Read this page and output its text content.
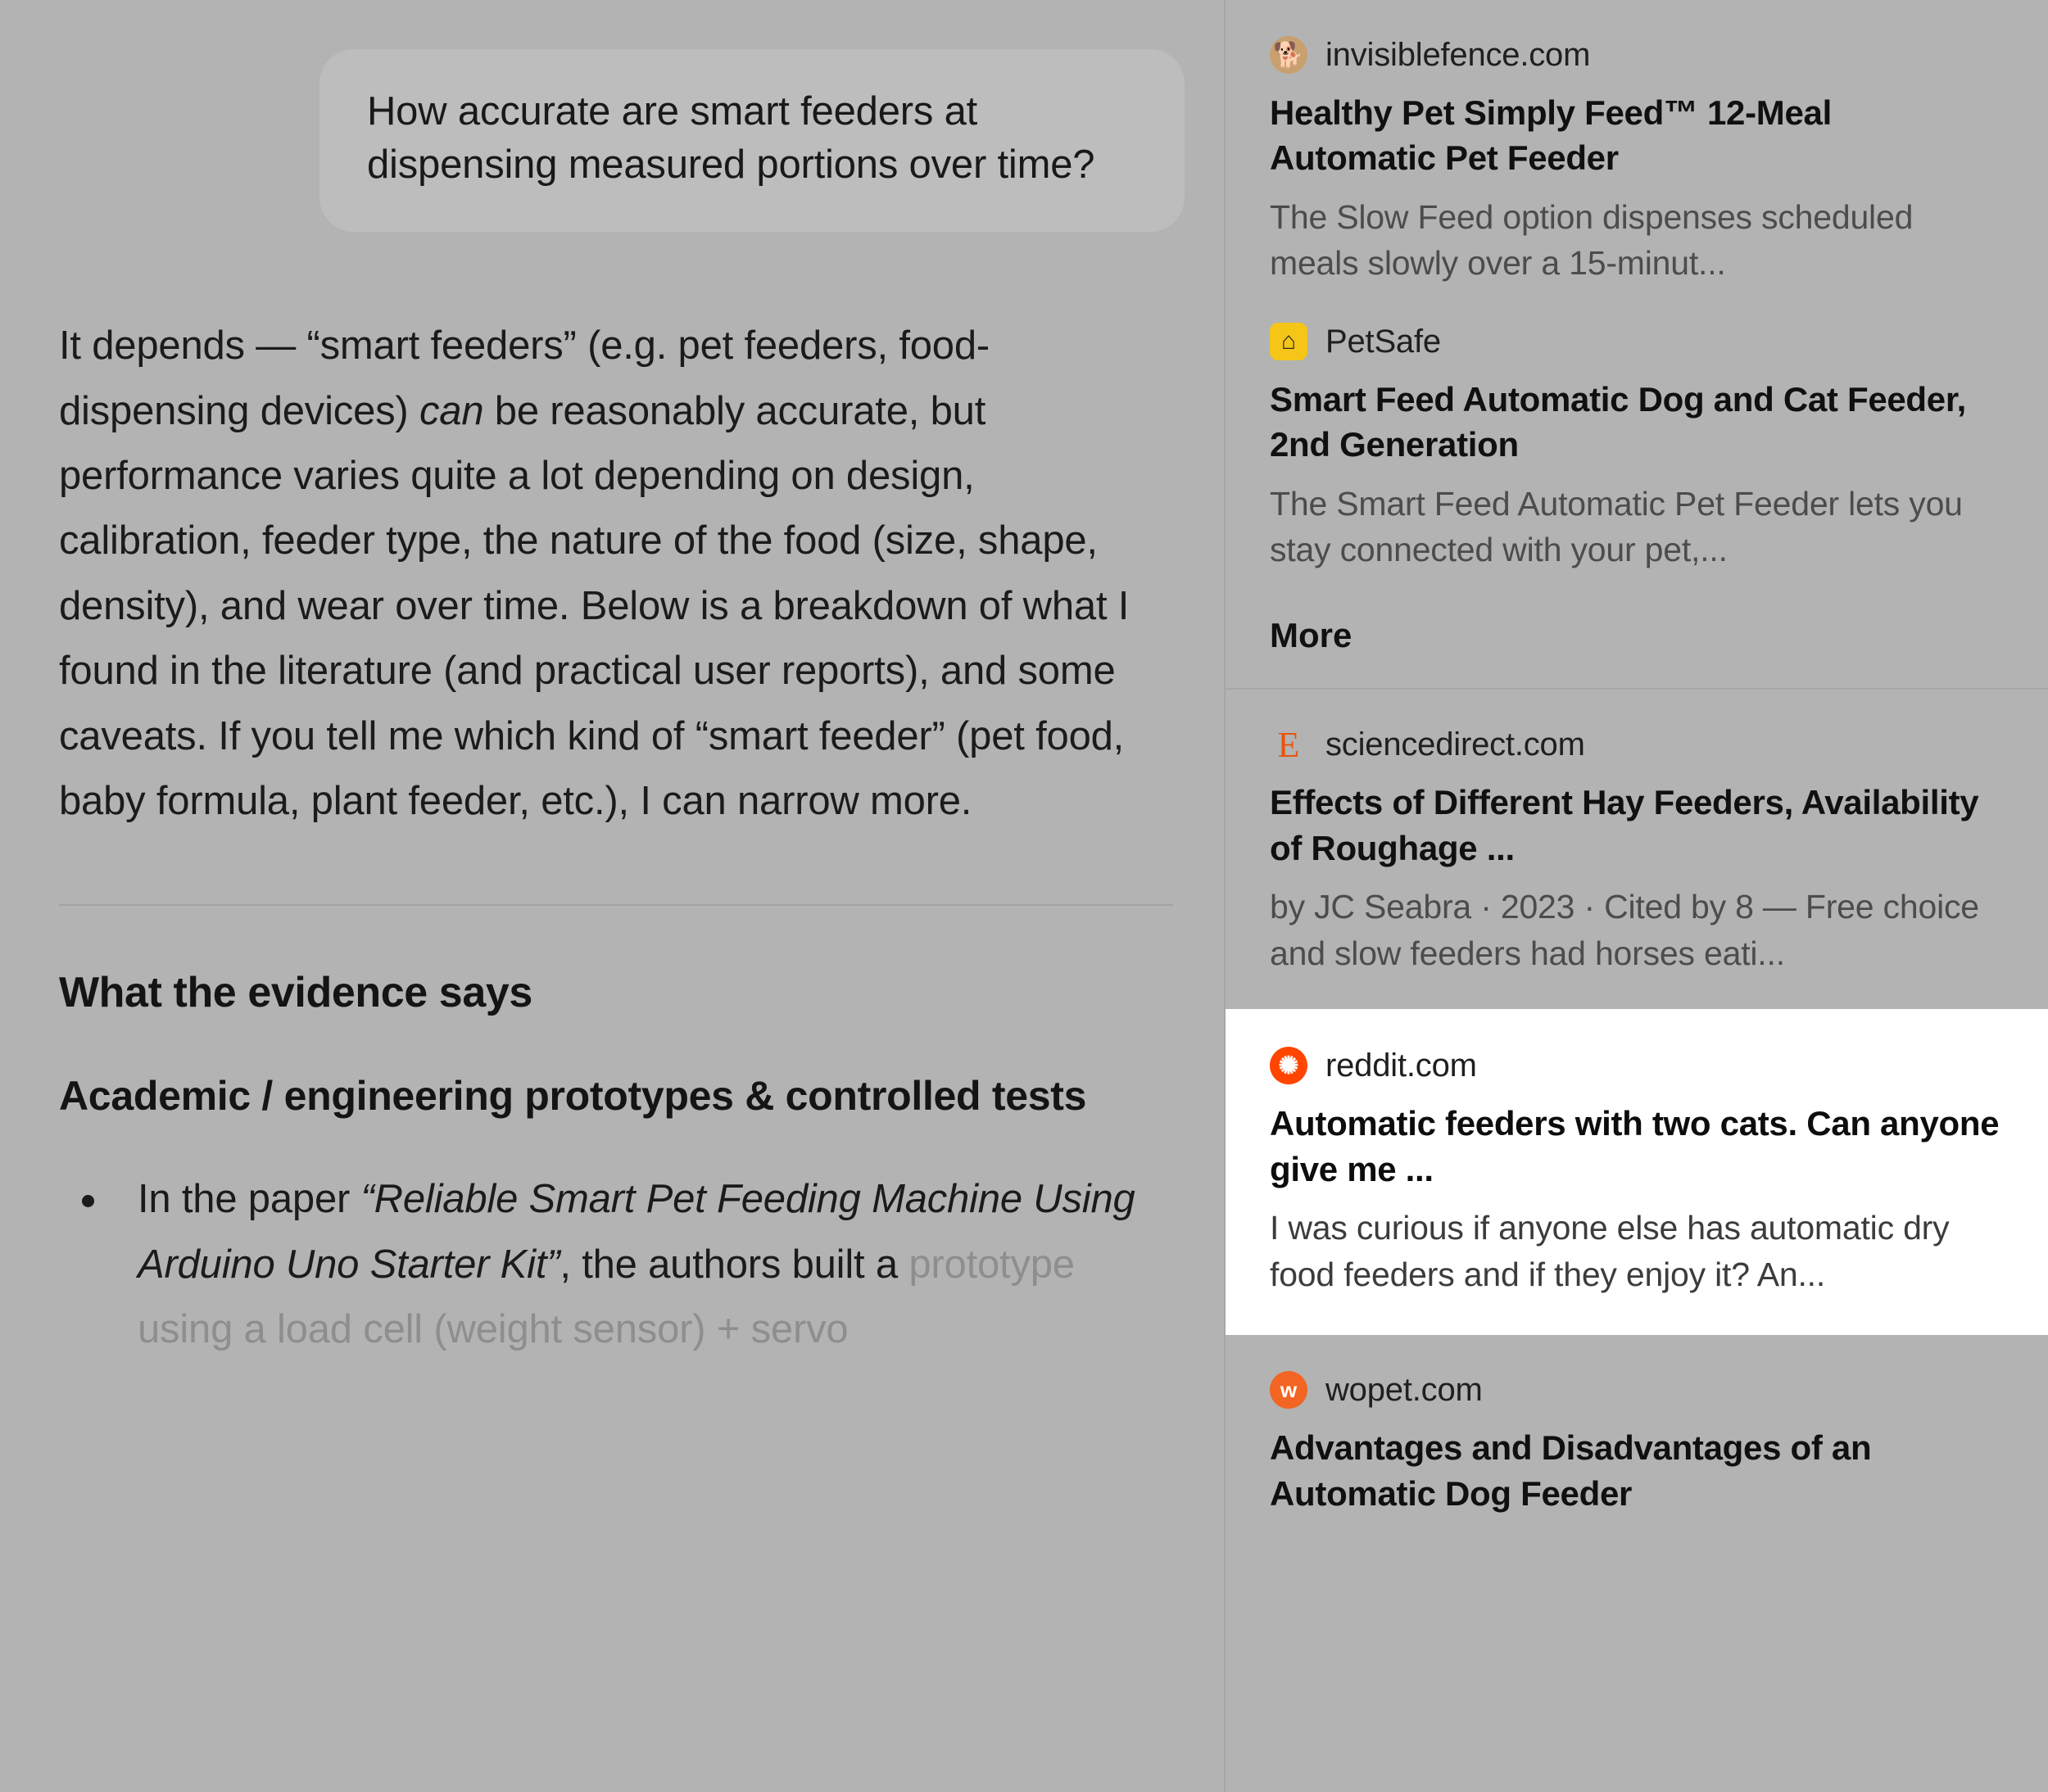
How accurate are smart feeders at dispensing measured portions over time?

It depends — “smart feeders” (e.g. pet feeders, food-dispensing devices) can be reasonably accurate, but performance varies quite a lot depending on design, calibration, feeder type, the nature of the food (size, shape, density), and wear over time. Below is a breakdown of what I found in the literature (and practical user reports), and some caveats. If you tell me which kind of “smart feeder” (pet food, baby formula, plant feeder, etc.), I can narrow more.

What the evidence says
Academic / engineering prototypes & controlled tests
In the paper “Reliable Smart Pet Feeding Machine Using Arduino Uno Starter Kit”, the authors built a prototype using a load cell (weight sensor) + servo
🐕 invisiblefence.com
Healthy Pet Simply Feed™ 12-Meal Automatic Pet Feeder
The Slow Feed option dispenses scheduled meals slowly over a 15-minut...
⌂ PetSafe
Smart Feed Automatic Dog and Cat Feeder, 2nd Generation
The Smart Feed Automatic Pet Feeder lets you stay connected with your pet,...
More
E sciencedirect.com
Effects of Different Hay Feeders, Availability of Roughage ...
by JC Seabra · 2023 · Cited by 8 — Free choice and slow feeders had horses eati...
✺ reddit.com
Automatic feeders with two cats. Can anyone give me ...
I was curious if anyone else has automatic dry food feeders and if they enjoy it? An...
w wopet.com
Advantages and Disadvantages of an Automatic Dog Feeder
